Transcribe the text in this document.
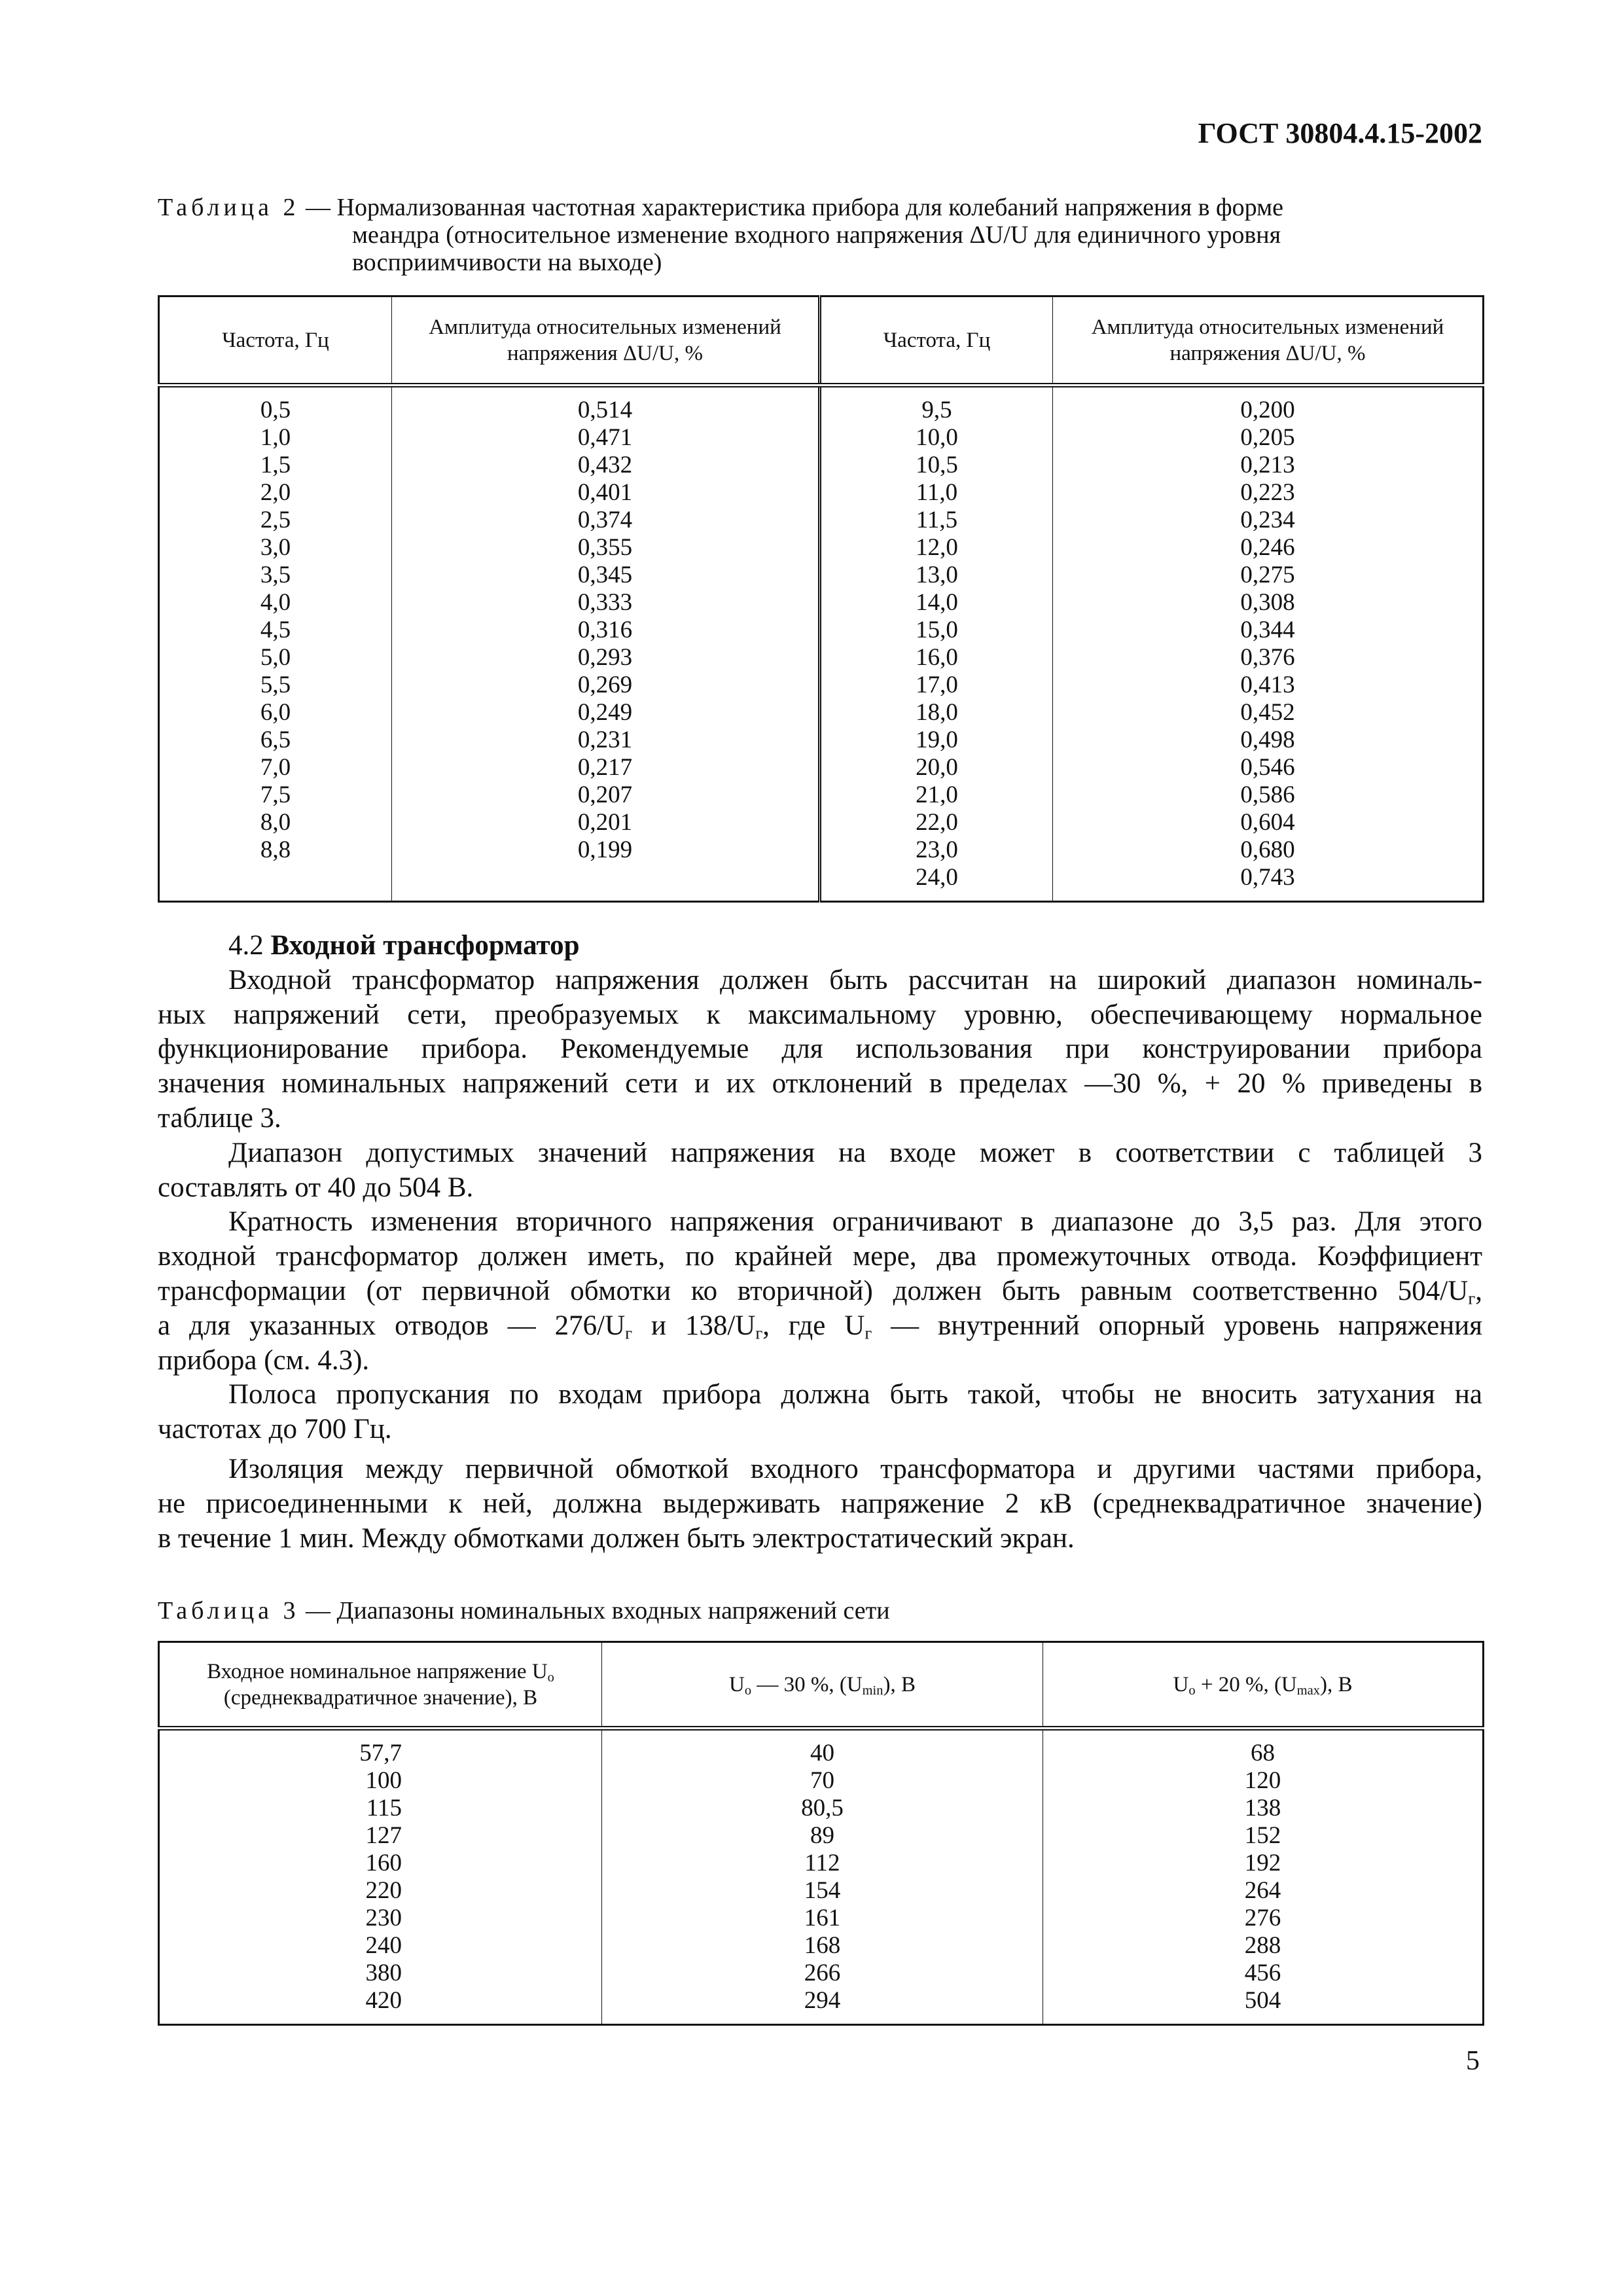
ГОСТ 30804.4.15-2002
Таблица 2 — Нормализованная частотная характеристика прибора для колебаний напряжения в форме
меандра (относительное изменение входного напряжения ΔU/U для единичного уровня
восприимчивости на выходе)
Частота, Гц	Амплитуда относительных изменений напряжения ΔU/U, %	Частота, Гц	Амплитуда относительных изменений напряжения ΔU/U, %
0,5	0,514	9,5	0,200
1,0	0,471	10,0	0,205
1,5	0,432	10,5	0,213
2,0	0,401	11,0	0,223
2,5	0,374	11,5	0,234
3,0	0,355	12,0	0,246
3,5	0,345	13,0	0,275
4,0	0,333	14,0	0,308
4,5	0,316	15,0	0,344
5,0	0,293	16,0	0,376
5,5	0,269	17,0	0,413
6,0	0,249	18,0	0,452
6,5	0,231	19,0	0,498
7,0	0,217	20,0	0,546
7,5	0,207	21,0	0,586
8,0	0,201	22,0	0,604
8,8	0,199	23,0	0,680
		24,0	0,743
4.2 Входной трансформатор
Входной трансформатор напряжения должен быть рассчитан на широкий диапазон номиналь-
ных напряжений сети, преобразуемых к максимальному уровню, обеспечивающему нормальное
функционирование прибора. Рекомендуемые для использования при конструировании прибора
значения номинальных напряжений сети и их отклонений в пределах —30 %, + 20 % приведены в
таблице 3.
Диапазон допустимых значений напряжения на входе может в соответствии с таблицей 3
составлять от 40 до 504 В.
Кратность изменения вторичного напряжения ограничивают в диапазоне до 3,5 раз. Для этого
входной трансформатор должен иметь, по крайней мере, два промежуточных отвода. Коэффициент
трансформации (от первичной обмотки ко вторичной) должен быть равным соответственно $504/U_г$,
а для указанных отводов — $276/U_г$ и $138/U_г$, где $U_г$ — внутренний опорный уровень напряжения
прибора (см. 4.3).
Полоса пропускания по входам прибора должна быть такой, чтобы не вносить затухания на
частотах до 700 Гц.
Изоляция между первичной обмоткой входного трансформатора и другими частями прибора,
не присоединенными к ней, должна выдерживать напряжение 2 кВ (среднеквадратичное значение)
в течение 1 мин. Между обмотками должен быть электростатический экран.
Таблица 3 — Диапазоны номинальных входных напряжений сети
Входное номинальное напряжение $U_о$
(среднеквадратичное значение), В	$U_о$ — 30 %, $(U_{min})$, В	$U_о + 20$ %, $(U_{max})$, В
57,7	40	68
100	70	120
115	80,5	138
127	89	152
160	112	192
220	154	264
230	161	276
240	168	288
380	266	456
420	294	504
5
